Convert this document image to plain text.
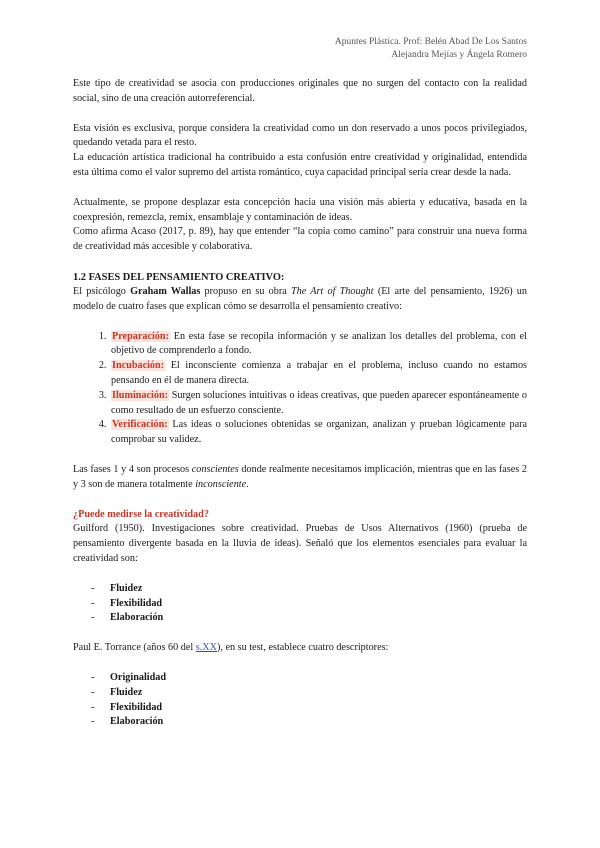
Apuntes Plástica. Prof: Belén Abad De Los Santos
Alejandra Mejías y Ángela Romero

Este tipo de creatividad se asocia con producciones originales que no surgen del contacto con la realidad social, sino de una creación autorreferencial.

Esta visión es exclusiva, porque considera la creatividad como un don reservado a unos pocos privilegiados, quedando vetada para el resto.

La educación artística tradicional ha contribuido a esta confusión entre creatividad y originalidad, entendida esta última como el valor supremo del artista romántico, cuya capacidad principal sería crear desde la nada.

Actualmente, se propone desplazar esta concepción hacia una visión más abierta y educativa, basada en la coexpresión, remezcla, remix, ensamblaje y contaminación de ideas.

Como afirma Acaso (2017, p. 89), hay que entender “la copia como camino” para construir una nueva forma de creatividad más accesible y colaborativa.

1.2 FASES DEL PENSAMIENTO CREATIVO:

El psicólogo Graham Wallas propuso en su obra The Art of Thought (El arte del pensamiento, 1926) un modelo de cuatro fases que explican cómo se desarrolla el pensamiento creativo:

1. Preparación: En esta fase se recopila información y se analizan los detalles del problema, con el objetivo de comprenderlo a fondo.
2. Incubación: El inconsciente comienza a trabajar en el problema, incluso cuando no estamos pensando en él de manera directa.
3. Iluminación: Surgen soluciones intuitivas o ideas creativas, que pueden aparecer espontáneamente o como resultado de un esfuerzo consciente.
4. Verificación: Las ideas o soluciones obtenidas se organizan, analizan y prueban lógicamente para comprobar su validez.

Las fases 1 y 4 son procesos conscientes donde realmente necesitamos implicación, mientras que en las fases 2 y 3 son de manera totalmente inconsciente.

¿Puede medirse la creatividad?

Guilford (1950). Investigaciones sobre creatividad. Pruebas de Usos Alternativos (1960) (prueba de pensamiento divergente basada en la lluvia de ideas). Señaló que los elementos esenciales para evaluar la creatividad son:

- Fluidez
- Flexibilidad
- Elaboración

Paul E. Torrance (años 60 del s.XX), en su test, establece cuatro descriptores:

- Originalidad
- Fluidez
- Flexibilidad
- Elaboración
